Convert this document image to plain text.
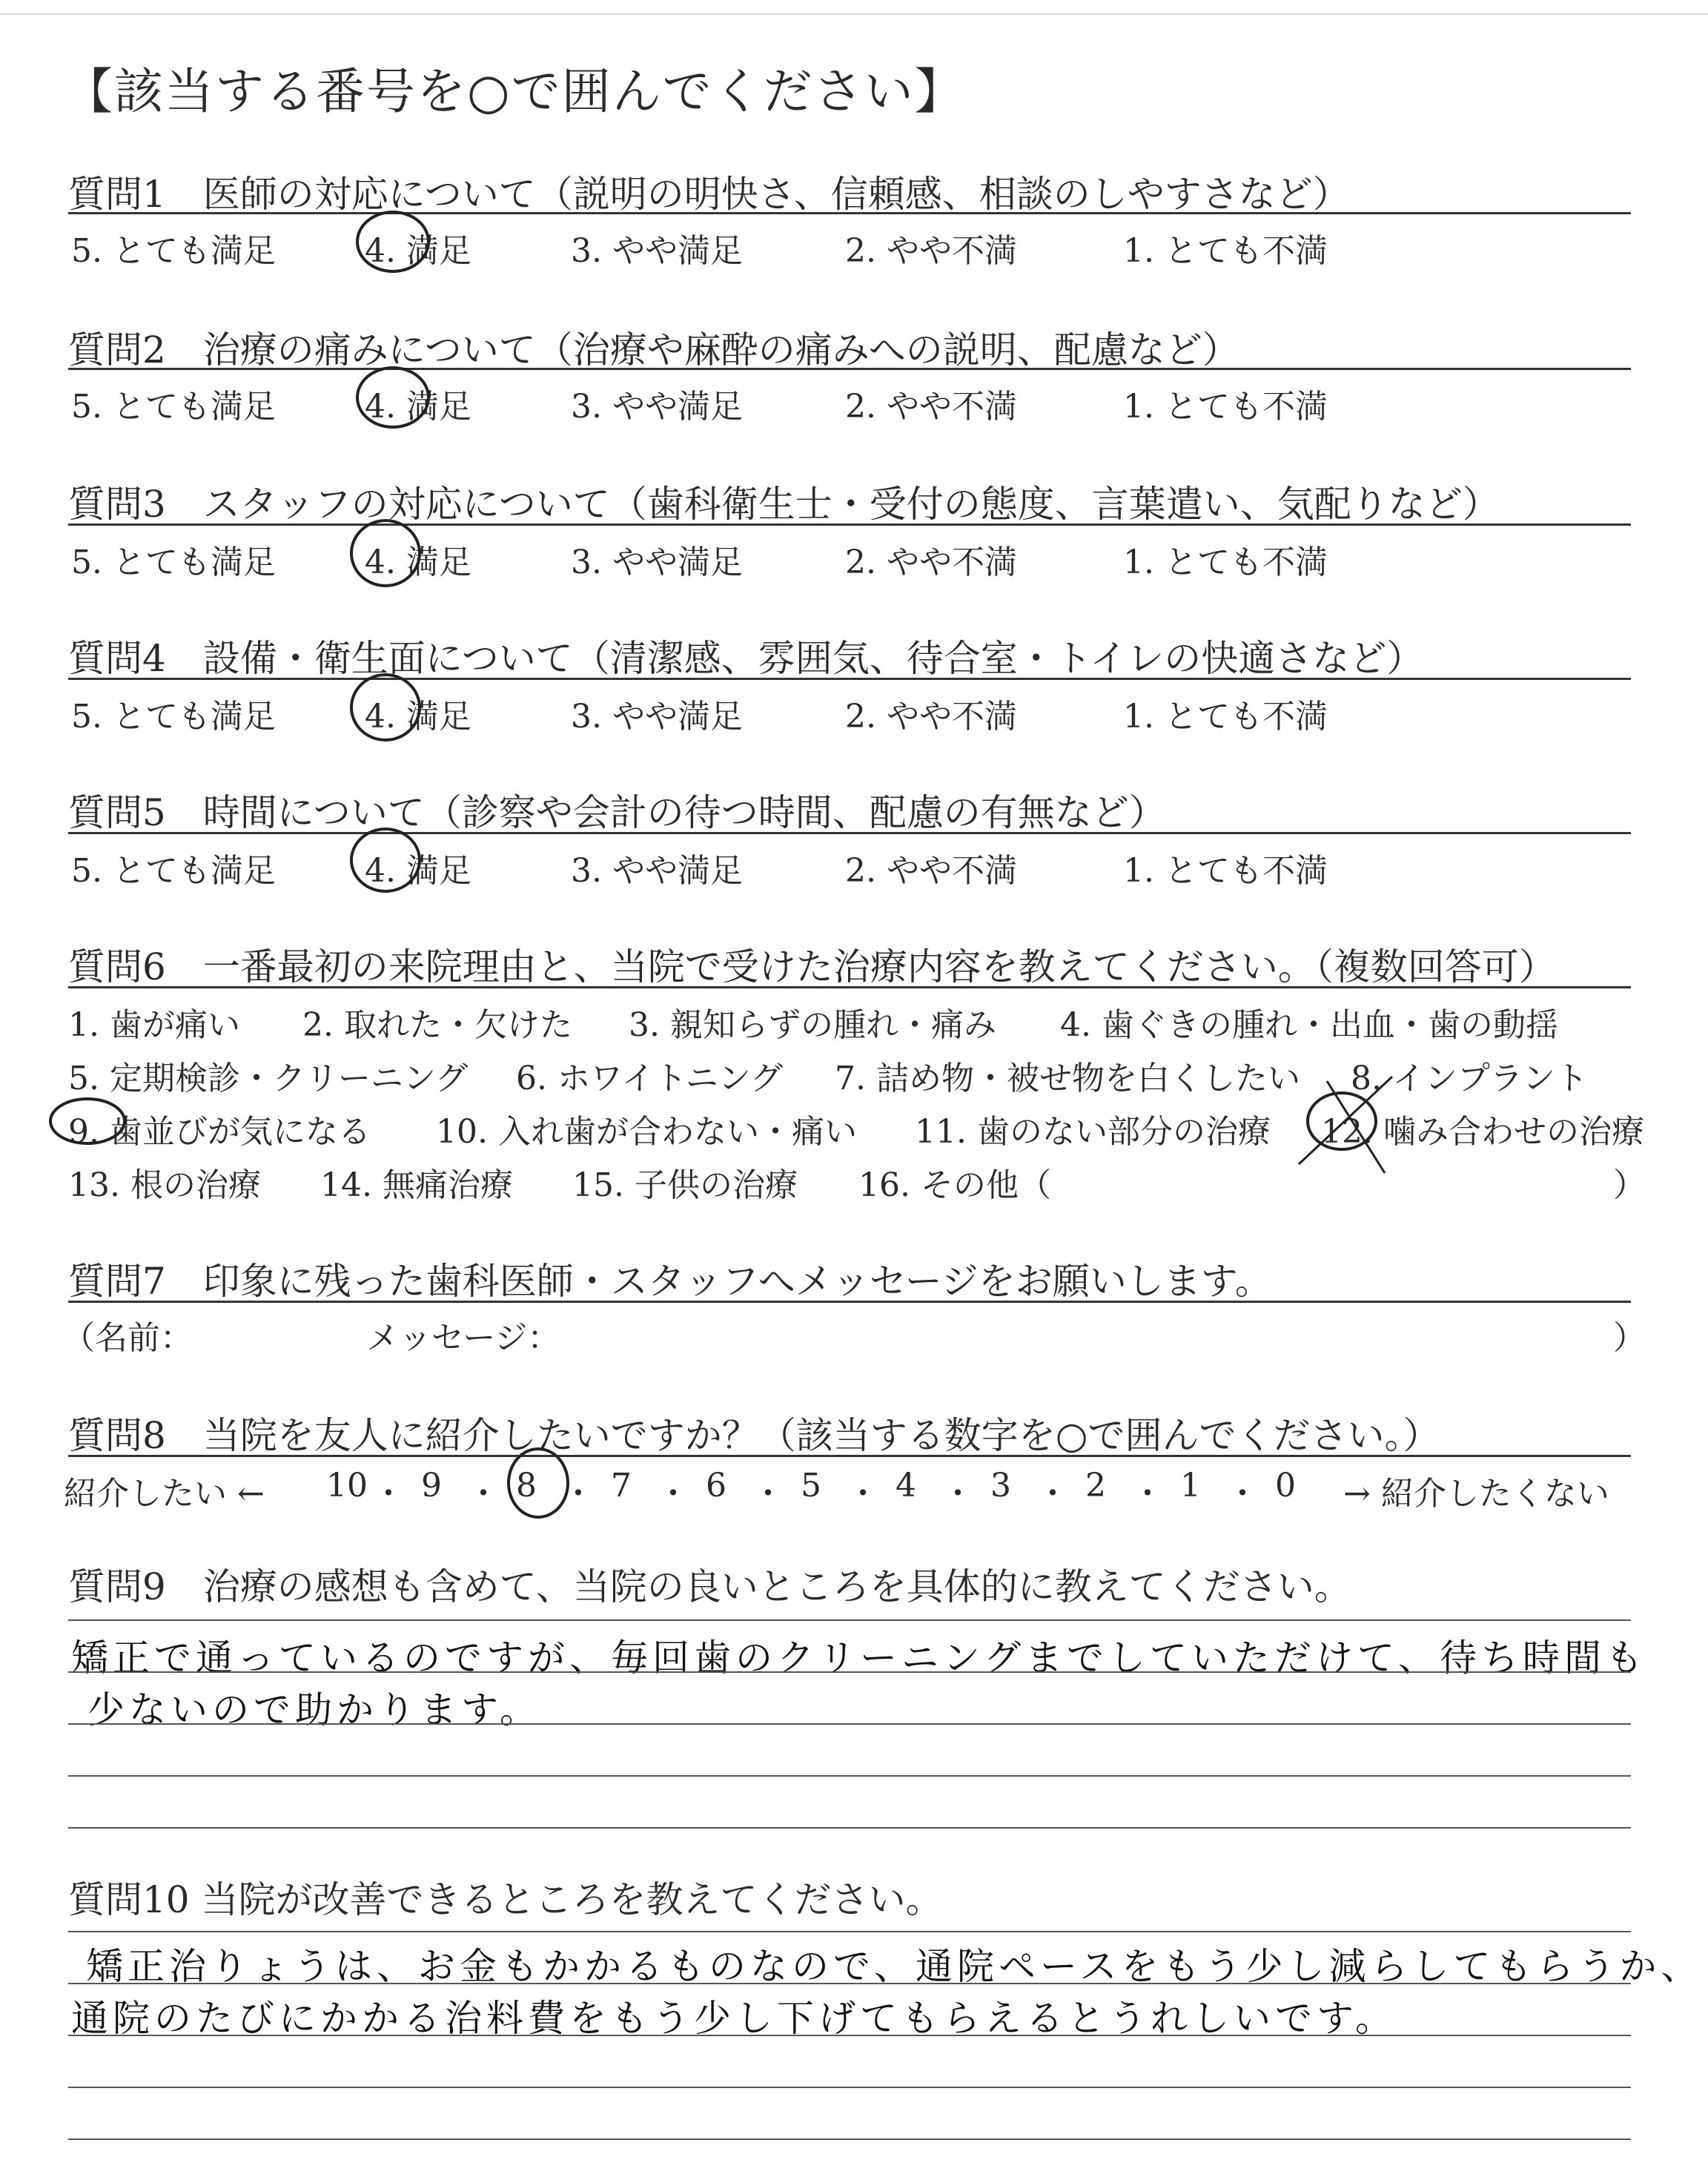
【該当する番号を○で囲んでください】
質問1　医師の対応について（説明の明快さ、信頼感、相談のしやすさなど）
5. とても満足	4. 満足	3. やや満足	2. やや不満	1. とても不満
質問2　治療の痛みについて（治療や麻酔の痛みへの説明、配慮など）
5. とても満足	4. 満足	3. やや満足	2. やや不満	1. とても不満
質問3　スタッフの対応について（歯科衛生士・受付の態度、言葉遣い、気配りなど）
5. とても満足	4. 満足	3. やや満足	2. やや不満	1. とても不満
質問4　設備・衛生面について（清潔感、雰囲気、待合室・トイレの快適さなど）
5. とても満足	4. 満足	3. やや満足	2. やや不満	1. とても不満
質問5　時間について（診察や会計の待つ時間、配慮の有無など）
5. とても満足	4. 満足	3. やや満足	2. やや不満	1. とても不満
質問6　一番最初の来院理由と、当院で受けた治療内容を教えてください。（複数回答可）
1. 歯が痛い 2. 取れた・欠けた 3. 親知らずの腫れ・痛み 4. 歯ぐきの腫れ・出血・歯の動揺
5. 定期検診・クリーニング 6. ホワイトニング 7. 詰め物・被せ物を白くしたい 8. インプラント
9. 歯並びが気になる 10. 入れ歯が合わない・痛い 11. 歯のない部分の治療 12. 噛み合わせの治療
13. 根の治療 14. 無痛治療 15. 子供の治療 16. その他（	）
質問7　印象に残った歯科医師・スタッフへメッセージをお願いします。
（名前：	メッセージ：	）
質問8　当院を友人に紹介したいですか？（該当する数字を○で囲んでください。）
紹介したい ← 10 ・ 9 ・ 8 ・ 7 ・ 6 ・ 5 ・ 4 ・ 3 ・ 2 ・ 1 ・ 0 → 紹介したくない
質問9　治療の感想も含めて、当院の良いところを具体的に教えてください。
矯正で通っているのですが、毎回歯のクリーニングまでしていただけて、待ち時間も
少ないので助かります。
質問10 当院が改善できるところを教えてください。
矯正治りょうは、お金もかかるものなので、通院ペースをもう少し減らしてもらうか、
通院のたびにかかる治料費をもう少し下げてもらえるとうれしいです。
